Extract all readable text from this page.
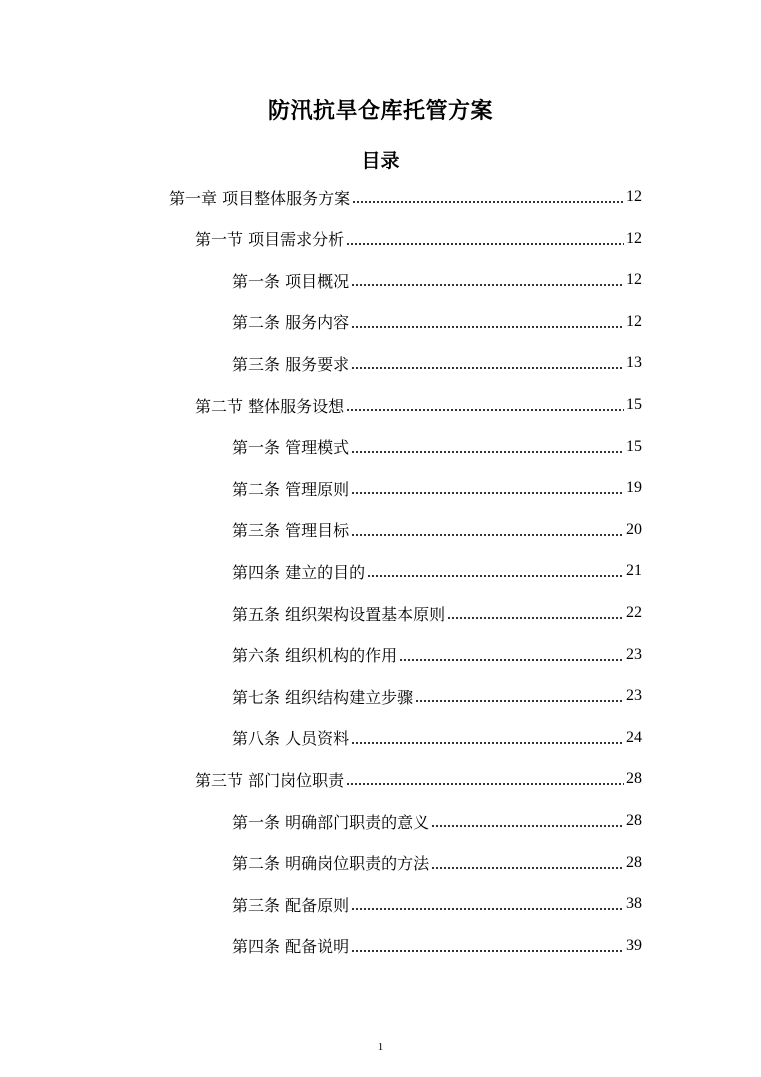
防汛抗旱仓库托管方案
目录
第一章 项目整体服务方案	12
第一节 项目需求分析	12
第一条 项目概况	12
第二条 服务内容	12
第三条 服务要求	13
第二节 整体服务设想	15
第一条 管理模式	15
第二条 管理原则	19
第三条 管理目标	20
第四条 建立的目的	21
第五条 组织架构设置基本原则	22
第六条 组织机构的作用	23
第七条 组织结构建立步骤	23
第八条 人员资料	24
第三节 部门岗位职责	28
第一条 明确部门职责的意义	28
第二条 明确岗位职责的方法	28
第三条 配备原则	38
第四条 配备说明	39
1
